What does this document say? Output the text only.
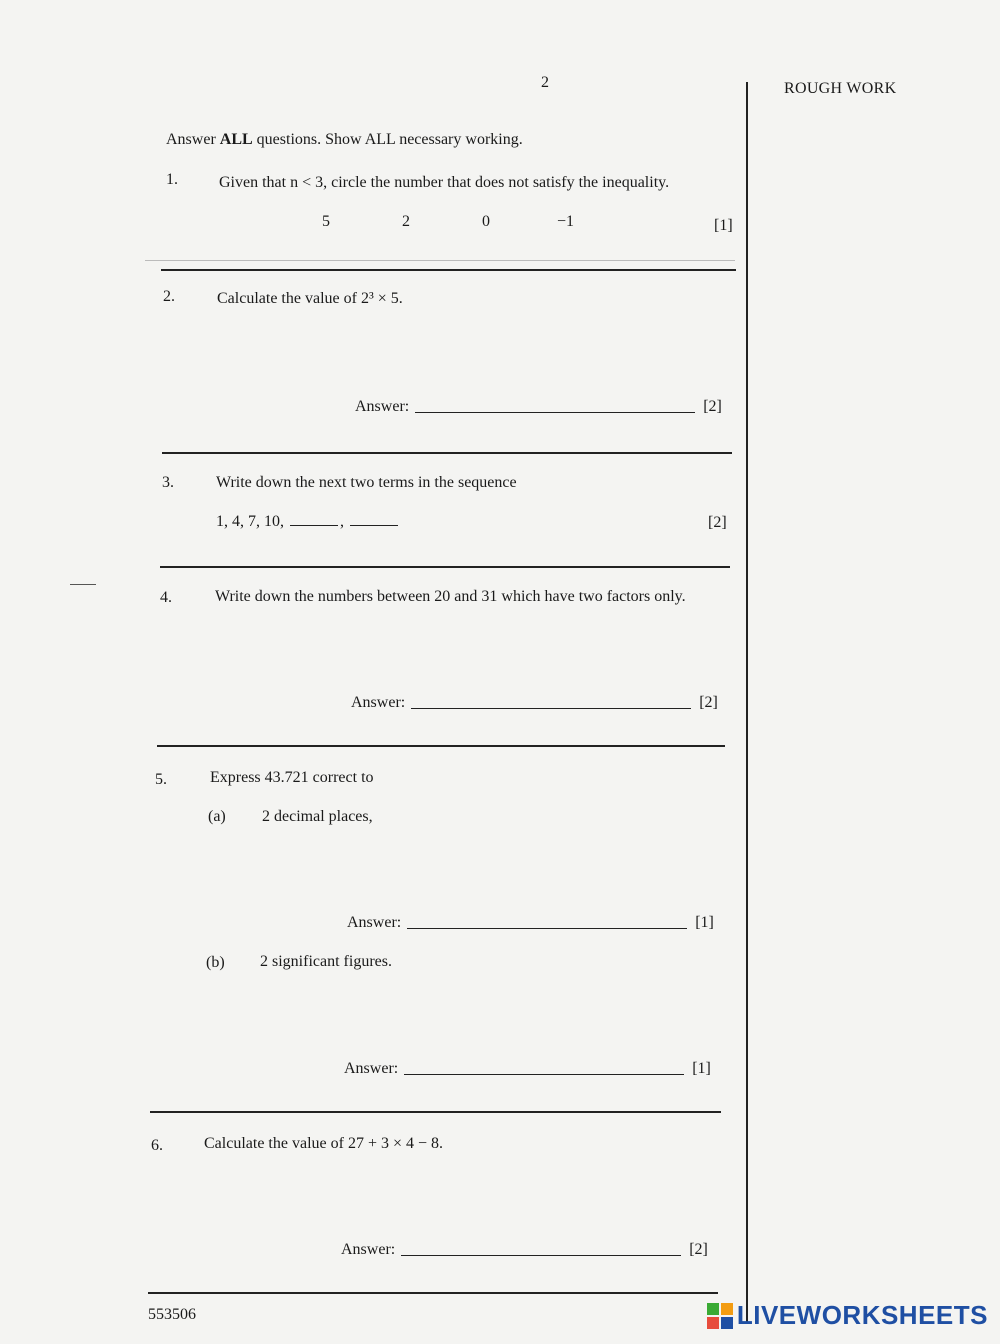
2	ROUGH WORK
Answer ALL questions. Show ALL necessary working.
1.	Given that n < 3, circle the number that does not satisfy the inequality.
5	2	0	−1	[1]
2.	Calculate the value of 2³ × 5.
Answer:	[2]
3.	Write down the next two terms in the sequence
1, 4, 7, 10,	,	[2]
4.	Write down the numbers between 20 and 31 which have two factors only.
Answer:	[2]
5.	Express 43.721 correct to
(a) 2 decimal places,
Answer:	[1]
(b) 2 significant figures.
Answer:	[1]
6.	Calculate the value of 27 + 3 × 4 − 8.
Answer:	[2]
553506	LIVEWORKSHEETS
